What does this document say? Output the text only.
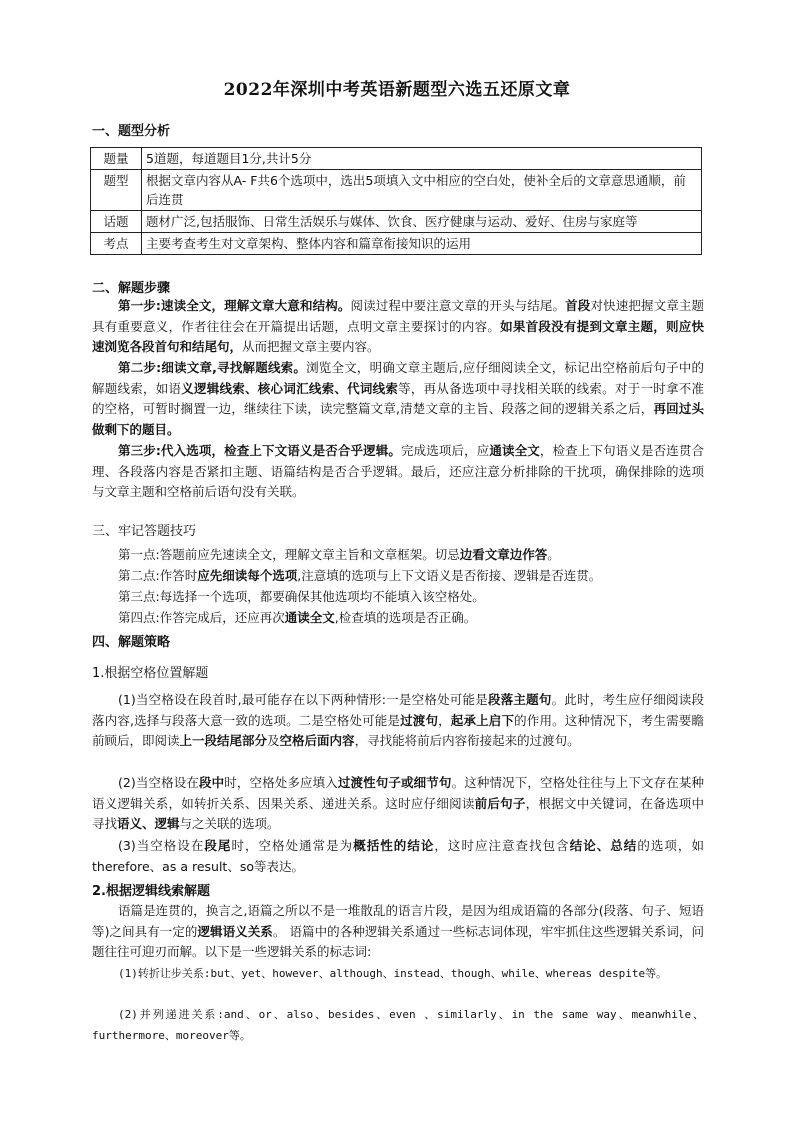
2022年深圳中考英语新题型六选五还原文章
一、题型分析
题量	5道题，每道题目1分,共计5分
题型	根据文章内容从A- F共6个选项中，选出5项填入文中相应的空白处，使补全后的文章意思通顺，前后连贯
话题	题材广泛,包括服饰、日常生活娱乐与媒体、饮食、医疗健康与运动、爱好、住房与家庭等
考点	主要考查考生对文章架构、整体内容和篇章衔接知识的运用
二、解题步骤
第一步:速读全文，理解文章大意和结构。阅读过程中要注意文章的开头与结尾。首段对快速把握文章主题具有重要意义，作者往往会在开篇提出话题，点明文章主要探讨的内容。如果首段没有提到文章主题，则应快速浏览各段首句和结尾句，从而把握文章主要内容。
第二步:细读文章,寻找解题线索。浏览全文，明确文章主题后,应仔细阅读全文，标记出空格前后句子中的解题线索，如语义逻辑线索、核心词汇线索、代词线索等，再从备选项中寻找相关联的线索。对于一时拿不准的空格，可暂时搁置一边，继续往下读，读完整篇文章,清楚文章的主旨、段落之间的逻辑关系之后，再回过头做剩下的题目。
第三步:代入选项，检查上下文语义是否合乎逻辑。完成选项后，应通读全文，检查上下句语义是否连贯合理、各段落内容是否紧扣主题、语篇结构是否合乎逻辑。最后，还应注意分析排除的干扰项，确保排除的选项与文章主题和空格前后语句没有关联。
三、牢记答题技巧
第一点:答题前应先速读全文，理解文章主旨和文章框架。切忌边看文章边作答。
第二点:作答时应先细读每个选项,注意填的选项与上下文语义是否衔接、逻辑是否连贯。
第三点:每选择一个选项，都要确保其他选项均不能填入该空格处。
第四点:作答完成后，还应再次通读全文,检查填的选项是否正确。
四、解题策略
1.根据空格位置解题
(1)当空格设在段首时,最可能存在以下两种情形:一是空格处可能是段落主题句。此时，考生应仔细阅读段落内容,选择与段落大意一致的选项。二是空格处可能是过渡句，起承上启下的作用。这种情况下，考生需要瞻前顾后，即阅读上一段结尾部分及空格后面内容，寻找能将前后内容衔接起来的过渡句。
(2)当空格设在段中时，空格处多应填入过渡性句子或细节句。这种情况下，空格处往往与上下文存在某种语义逻辑关系，如转折关系、因果关系、递进关系。这时应仔细阅读前后句子，根据文中关键词，在备选项中寻找语义、逻辑与之关联的选项。
(3)当空格设在段尾时，空格处通常是为概括性的结论，这时应注意查找包含结论、总结的选项，如therefore、as a result、so等表达。
2.根据逻辑线索解题
语篇是连贯的，换言之,语篇之所以不是一堆散乱的语言片段，是因为组成语篇的各部分(段落、句子、短语等)之间具有一定的逻辑语义关系。 语篇中的各种逻辑关系通过一些标志词体现，牢牢抓住这些逻辑关系词，问题往往可迎刃而解。以下是一些逻辑关系的标志词:
(1)转折让步关系:but、yet、however、although、instead、though、while、whereas despite等。
(2)并列递进关系:and、or、also、besides、even 、similarly、in the same way、meanwhile、furthermore、moreover等。
